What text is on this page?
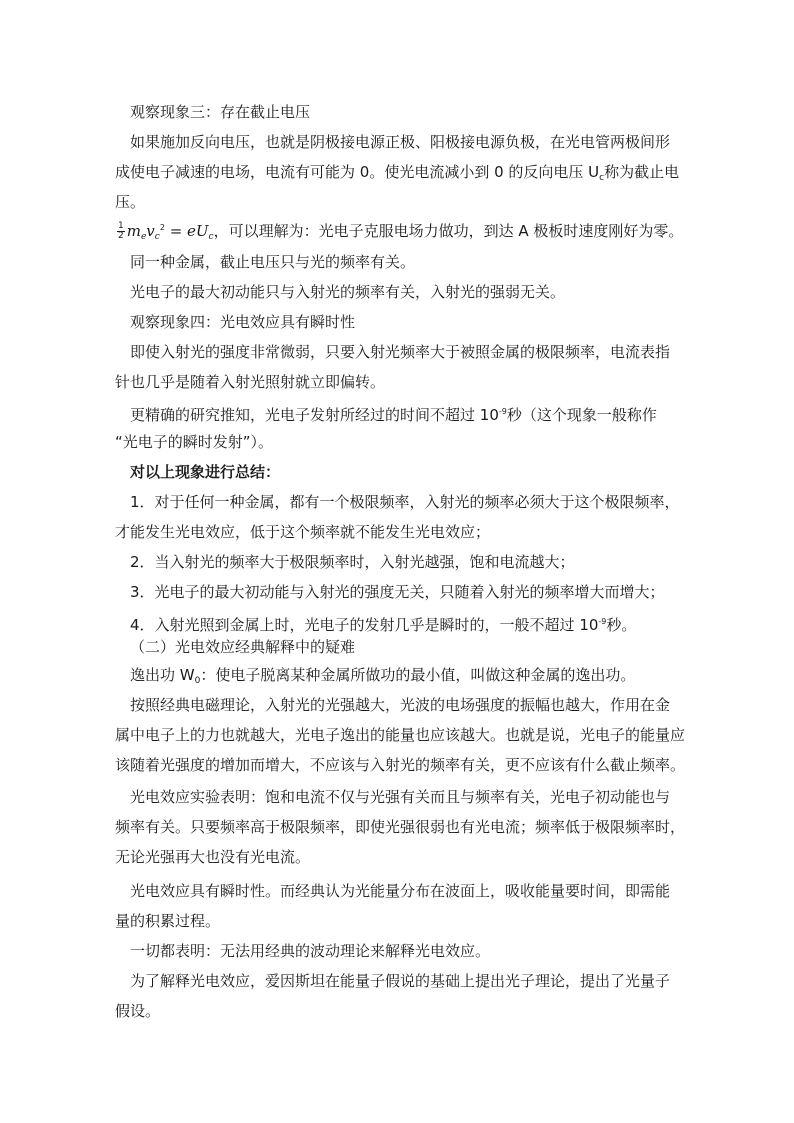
观察现象三：存在截止电压
如果施加反向电压，也就是阴极接电源正极、阳极接电源负极，在光电管两极间形
成使电子减速的电场，电流有可能为 0。使光电流减小到 0 的反向电压 $U_c$称为截止电
压。
$\frac{1}{2} m_ev_c^2 = eU_c$，可以理解为：光电子克服电场力做功，到达 A 极板时速度刚好为零。
同一种金属，截止电压只与光的频率有关。
光电子的最大初动能只与入射光的频率有关，入射光的强弱无关。
观察现象四：光电效应具有瞬时性
即使入射光的强度非常微弱，只要入射光频率大于被照金属的极限频率，电流表指
针也几乎是随着入射光照射就立即偏转。
更精确的研究推知，光电子发射所经过的时间不超过 $10^{-9}$秒（这个现象一般称作
“光电子的瞬时发射”）。
对以上现象进行总结：
1．对于任何一种金属，都有一个极限频率，入射光的频率必须大于这个极限频率，
才能发生光电效应，低于这个频率就不能发生光电效应；
2．当入射光的频率大于极限频率时，入射光越强，饱和电流越大；
3．光电子的最大初动能与入射光的强度无关，只随着入射光的频率增大而增大；
4．入射光照到金属上时，光电子的发射几乎是瞬时的，一般不超过 $10^{-9}$秒。
（二）光电效应经典解释中的疑难
逸出功 $W_0$：使电子脱离某种金属所做功的最小值，叫做这种金属的逸出功。
按照经典电磁理论，入射光的光强越大，光波的电场强度的振幅也越大，作用在金
属中电子上的力也就越大，光电子逸出的能量也应该越大。也就是说，光电子的能量应
该随着光强度的增加而增大，不应该与入射光的频率有关，更不应该有什么截止频率。
光电效应实验表明：饱和电流不仅与光强有关而且与频率有关，光电子初动能也与
频率有关。只要频率高于极限频率，即使光强很弱也有光电流；频率低于极限频率时，
无论光强再大也没有光电流。
光电效应具有瞬时性。而经典认为光能量分布在波面上，吸收能量要时间，即需能
量的积累过程。
一切都表明：无法用经典的波动理论来解释光电效应。
为了解释光电效应，爱因斯坦在能量子假说的基础上提出光子理论，提出了光量子
假设。
